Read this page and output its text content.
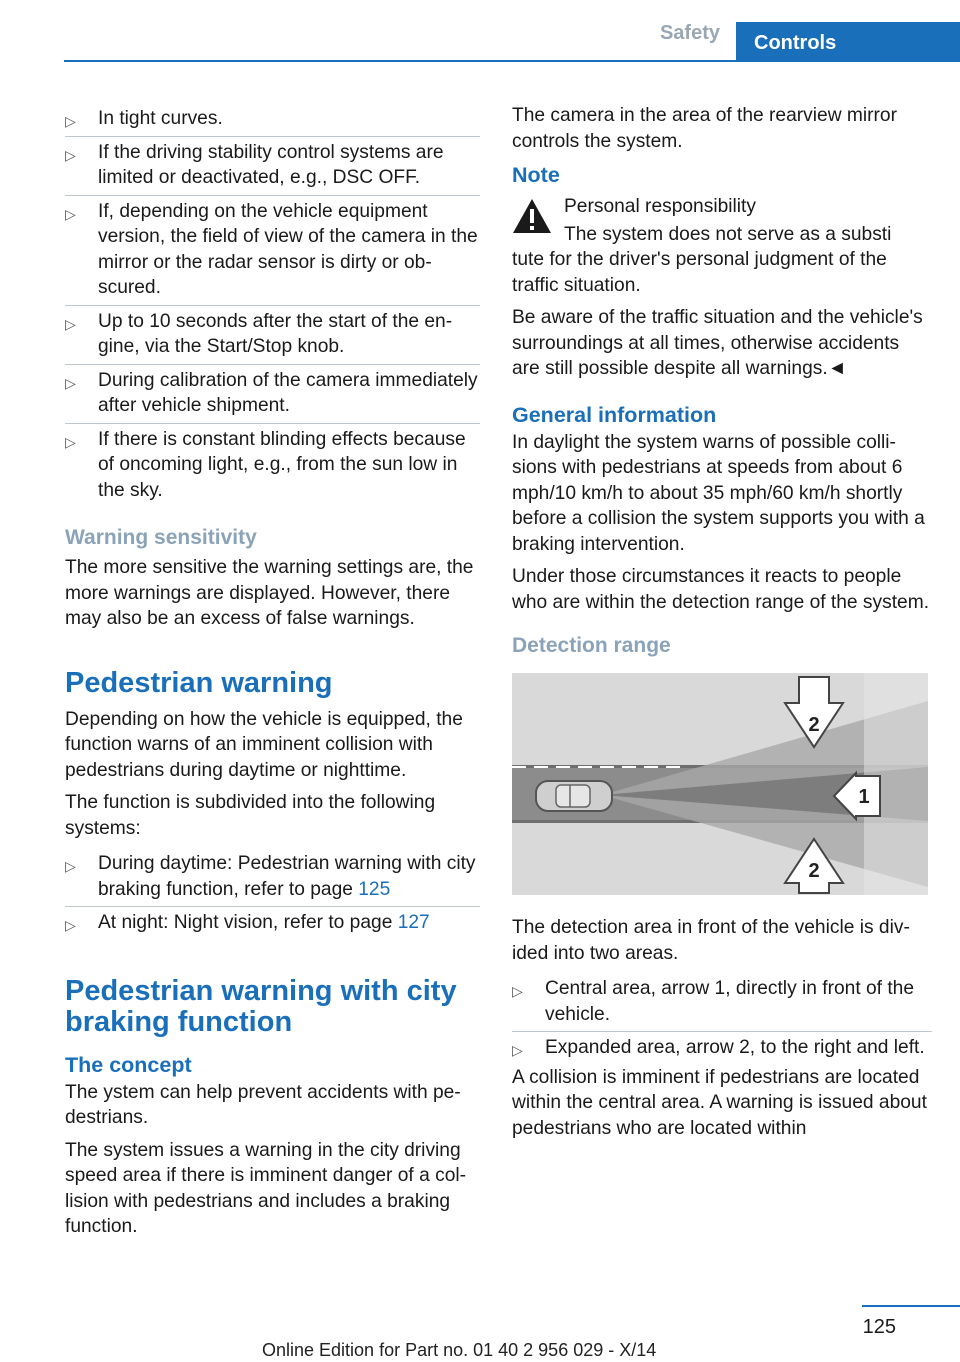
Safety	Controls
▷ In tight curves.
▷ If the driving stability control systems are limited or deactivated, e.g., DSC OFF.
▷ If, depending on the vehicle equipment version, the field of view of the camera in the mirror or the radar sensor is dirty or obscured.
▷ Up to 10 seconds after the start of the engine, via the Start/Stop knob.
▷ During calibration of the camera immediately after vehicle shipment.
▷ If there is constant blinding effects because of oncoming light, e.g., from the sun low in the sky.
Warning sensitivity

The more sensitive the warning settings are, the more warnings are displayed. However, there may also be an excess of false warnings.

Pedestrian warning

Depending on how the vehicle is equipped, the function warns of an imminent collision with pedestrians during daytime or nighttime.

The function is subdivided into the following systems:

▷ During daytime: Pedestrian warning with city braking function, refer to page 125
▷ At night: Night vision, refer to page 127
Pedestrian warning with city braking function
The concept

The ystem can help prevent accidents with pedestrians.

The system issues a warning in the city driving speed area if there is imminent danger of a collision with pedestrians and includes a braking function.

The camera in the area of the rearview mirror controls the system.

Note

Personal responsibility

The system does not serve as a substi

tute for the driver's personal judgment of the traffic situation.

Be aware of the traffic situation and the vehicle's surroundings at all times, otherwise accidents are still possible despite all warnings.◄

General information

In daylight the system warns of possible collisions with pedestrians at speeds from about 6 mph/10 km/h to about 35 mph/60 km/h shortly before a collision the system supports you with a braking intervention.

Under those circumstances it reacts to people who are within the detection range of the system.

Detection range
2
1
2

The detection area in front of the vehicle is divided into two areas.

▷ Central area, arrow 1, directly in front of the vehicle.
▷ Expanded area, arrow 2, to the right and left.

A collision is imminent if pedestrians are located within the central area. A warning is issued about pedestrians who are located within

125
Online Edition for Part no. 01 40 2 956 029 - X/14
